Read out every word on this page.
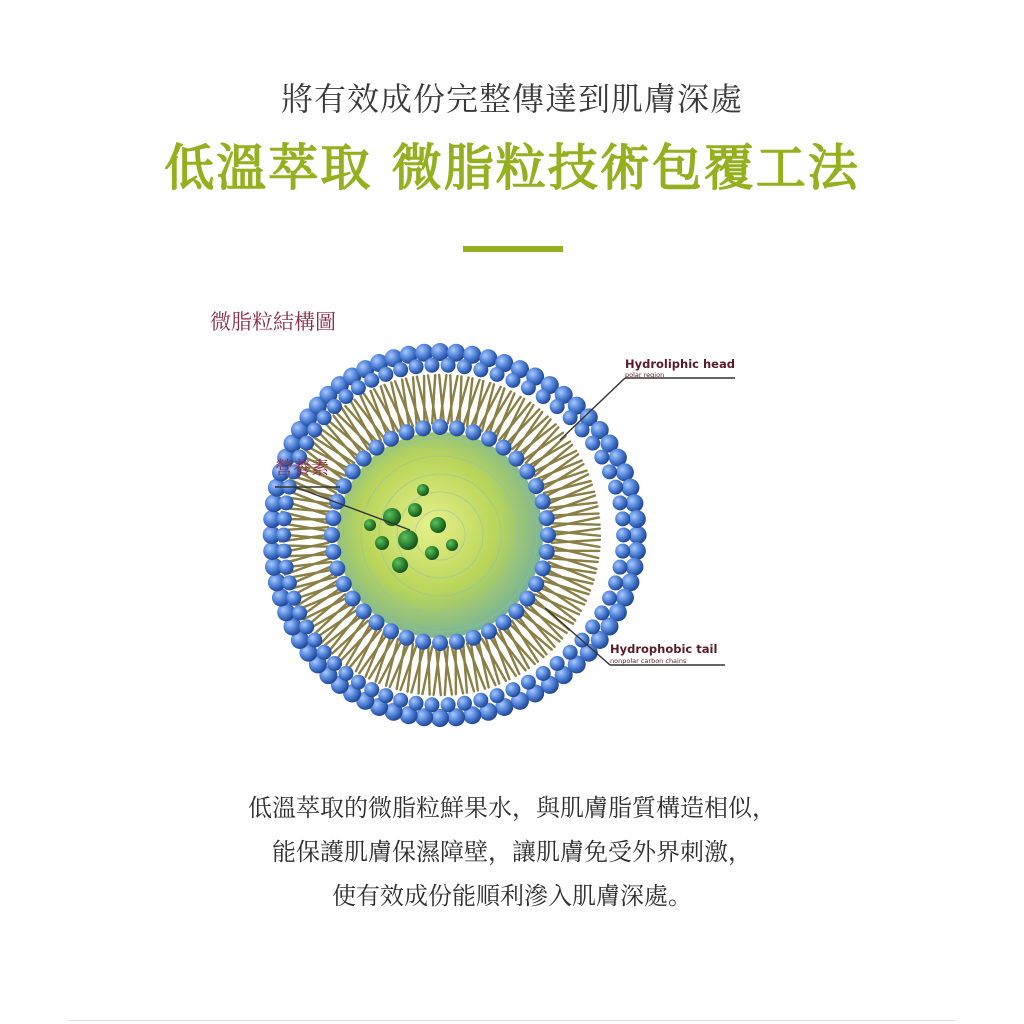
將有效成份完整傳達到肌膚深處
低溫萃取 微脂粒技術包覆工法
微脂粒結構圖
營養素
Hydroliphic head
polar region
Hydrophobic tail
nonpolar carbon chains
低溫萃取的微脂粒鮮果水，與肌膚脂質構造相似，
能保護肌膚保濕障壁，讓肌膚免受外界刺激，
使有效成份能順利滲入肌膚深處。
